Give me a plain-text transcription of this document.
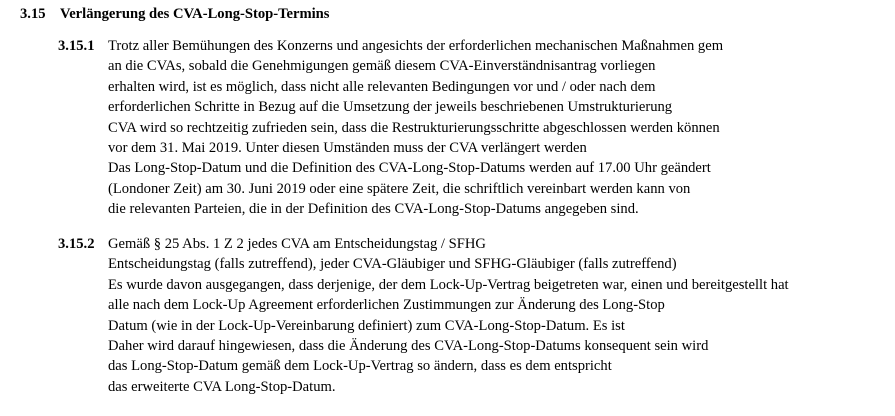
3.15 Verlängerung des CVA-Long-Stop-Termins
3.15.1 Trotz aller Bemühungen des Konzerns und angesichts der erforderlichen mechanischen Maßnahmen gem
an die CVAs, sobald die Genehmigungen gemäß diesem CVA-Einverständnisantrag vorliegen
erhalten wird, ist es möglich, dass nicht alle relevanten Bedingungen vor und / oder nach dem
erforderlichen Schritte in Bezug auf die Umsetzung der jeweils beschriebenen Umstrukturierung
CVA wird so rechtzeitig zufrieden sein, dass die Restrukturierungsschritte abgeschlossen werden können
vor dem 31. Mai 2019. Unter diesen Umständen muss der CVA verlängert werden
Das Long-Stop-Datum und die Definition des CVA-Long-Stop-Datums werden auf 17.00 Uhr geändert
(Londoner Zeit) am 30. Juni 2019 oder eine spätere Zeit, die schriftlich vereinbart werden kann von
die relevanten Parteien, die in der Definition des CVA-Long-Stop-Datums angegeben sind.
3.15.2 Gemäß § 25 Abs. 1 Z 2 jedes CVA am Entscheidungstag / SFHG
Entscheidungstag (falls zutreffend), jeder CVA-Gläubiger und SFHG-Gläubiger (falls zutreffend)
Es wurde davon ausgegangen, dass derjenige, der dem Lock-Up-Vertrag beigetreten war, einen und bereitgestellt hat
alle nach dem Lock-Up Agreement erforderlichen Zustimmungen zur Änderung des Long-Stop
Datum (wie in der Lock-Up-Vereinbarung definiert) zum CVA-Long-Stop-Datum. Es ist
Daher wird darauf hingewiesen, dass die Änderung des CVA-Long-Stop-Datums konsequent sein wird
das Long-Stop-Datum gemäß dem Lock-Up-Vertrag so ändern, dass es dem entspricht
das erweiterte CVA Long-Stop-Datum.
